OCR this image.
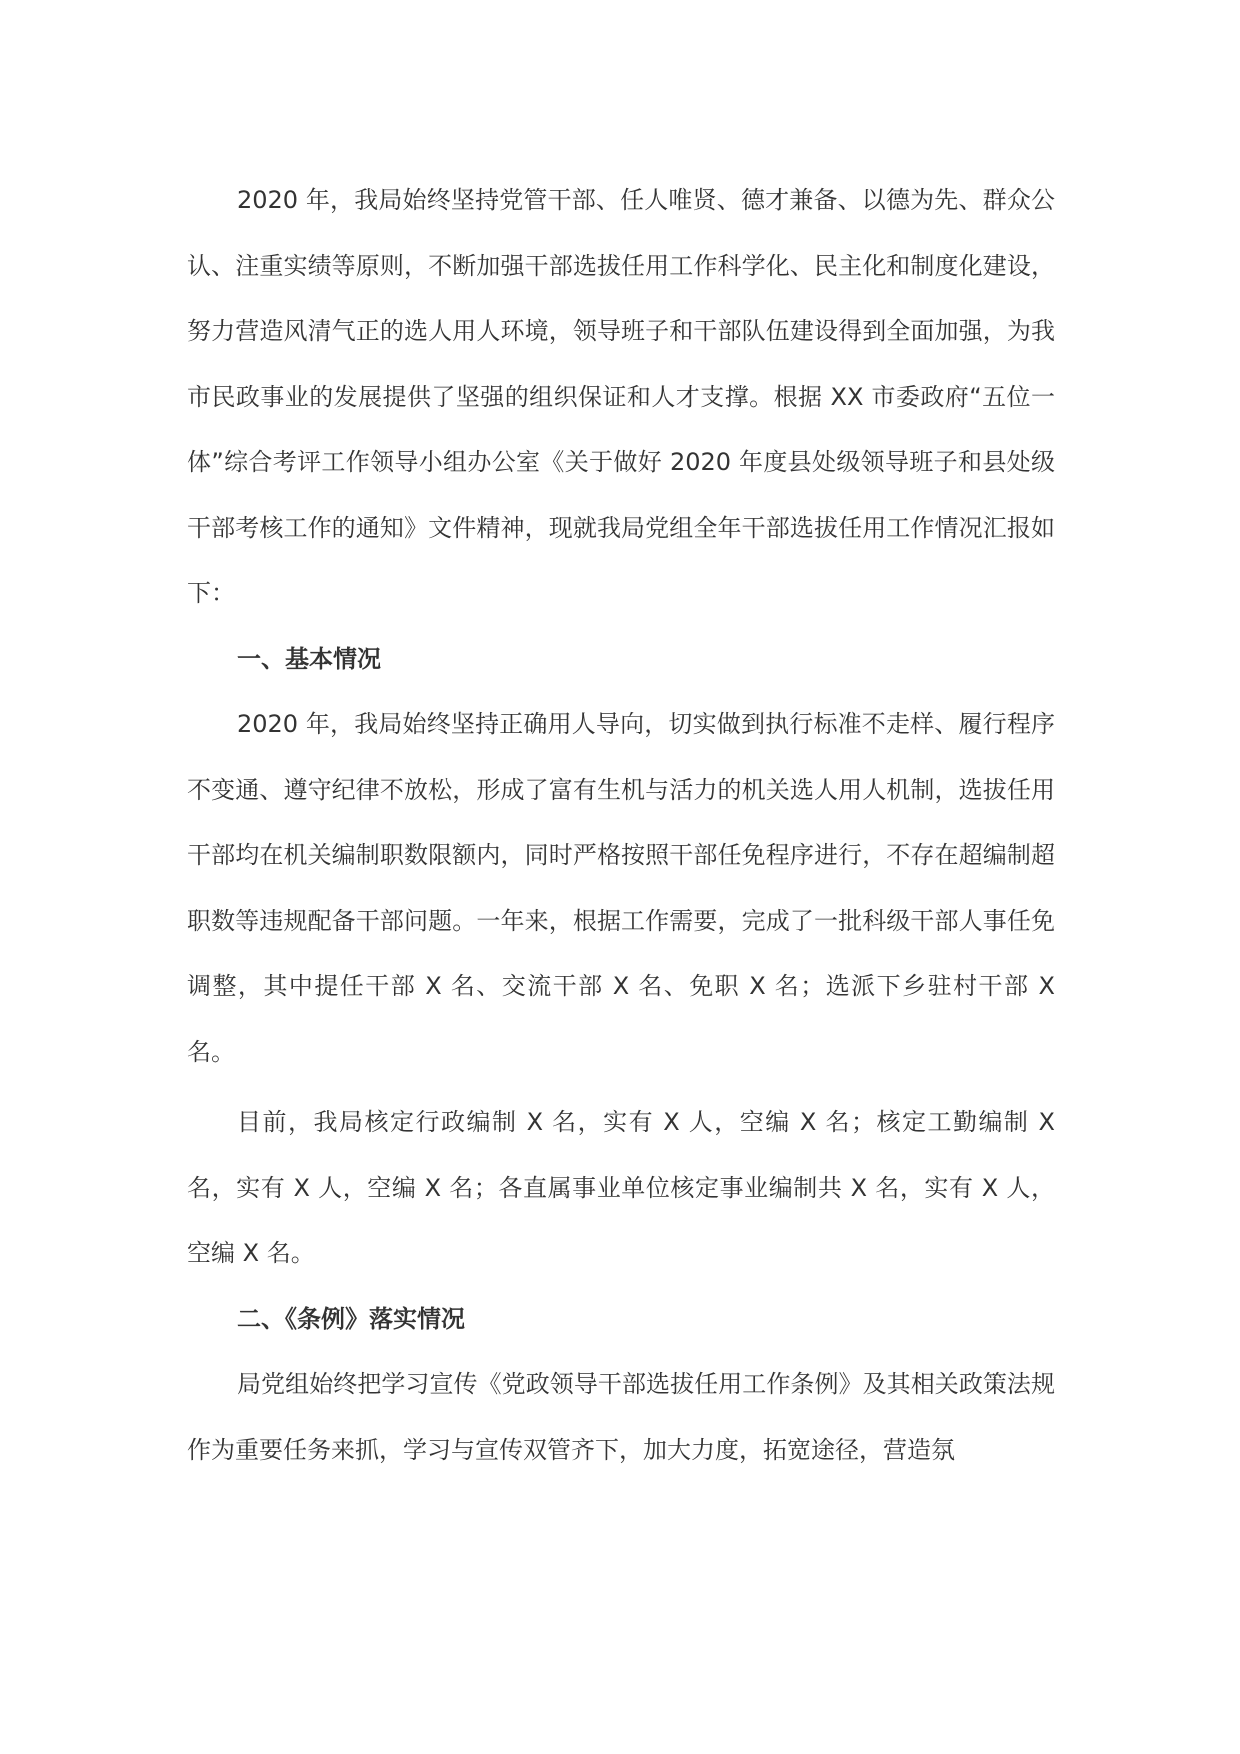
2020 年，我局始终坚持党管干部、任人唯贤、德才兼备、以德为先、群众公认、注重实绩等原则，不断加强干部选拔任用工作科学化、民主化和制度化建设，努力营造风清气正的选人用人环境，领导班子和干部队伍建设得到全面加强，为我市民政事业的发展提供了坚强的组织保证和人才支撑。根据 XX 市委政府“五位一体”综合考评工作领导小组办公室《关于做好 2020 年度县处级领导班子和县处级干部考核工作的通知》文件精神，现就我局党组全年干部选拔任用工作情况汇报如下：

一、基本情况

2020 年，我局始终坚持正确用人导向，切实做到执行标准不走样、履行程序不变通、遵守纪律不放松，形成了富有生机与活力的机关选人用人机制，选拔任用干部均在机关编制职数限额内，同时严格按照干部任免程序进行，不存在超编制超职数等违规配备干部问题。一年来，根据工作需要，完成了一批科级干部人事任免调整，其中提任干部 X 名、交流干部 X 名、免职 X 名；选派下乡驻村干部 X 名。

目前，我局核定行政编制 X 名，实有 X 人，空编 X 名；核定工勤编制 X 名，实有 X 人，空编 X 名；各直属事业单位核定事业编制共 X 名，实有 X 人，空编 X 名。

二、《条例》落实情况

局党组始终把学习宣传《党政领导干部选拔任用工作条例》及其相关政策法规作为重要任务来抓，学习与宣传双管齐下，加大力度，拓宽途径，营造氛
